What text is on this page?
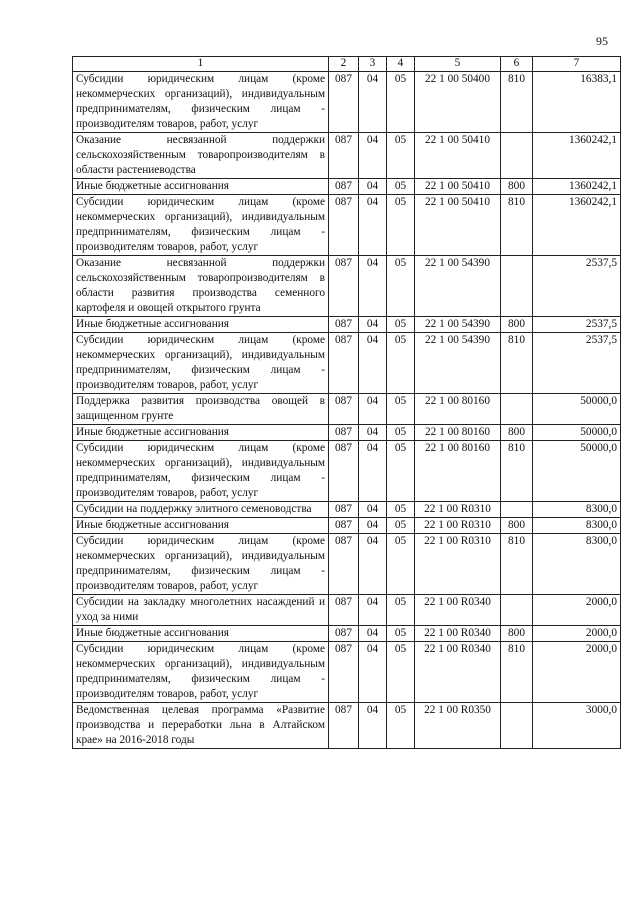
95
1	2	3	4	5	6	7
Субсидии юридическим лицам (кроме некоммерческих организаций), индивидуальным предпринимателям, физическим лицам - производителям товаров, работ, услуг	087	04	05	22 1 00 50400	810	16383,1
Оказание несвязанной поддержки сельскохозяйственным товаропроизводителям в области растениеводства	087	04	05	22 1 00 50410		1360242,1
Иные бюджетные ассигнования	087	04	05	22 1 00 50410	800	1360242,1
Субсидии юридическим лицам (кроме некоммерческих организаций), индивидуальным предпринимателям, физическим лицам - производителям товаров, работ, услуг	087	04	05	22 1 00 50410	810	1360242,1
Оказание несвязанной поддержки сельскохозяйственным товаропроизводителям в области развития производства семенного картофеля и овощей открытого грунта	087	04	05	22 1 00 54390		2537,5
Иные бюджетные ассигнования	087	04	05	22 1 00 54390	800	2537,5
Субсидии юридическим лицам (кроме некоммерческих организаций), индивидуальным предпринимателям, физическим лицам - производителям товаров, работ, услуг	087	04	05	22 1 00 54390	810	2537,5
Поддержка развития производства овощей в защищенном грунте	087	04	05	22 1 00 80160		50000,0
Иные бюджетные ассигнования	087	04	05	22 1 00 80160	800	50000,0
Субсидии юридическим лицам (кроме некоммерческих организаций), индивидуальным предпринимателям, физическим лицам - производителям товаров, работ, услуг	087	04	05	22 1 00 80160	810	50000,0
Субсидии на поддержку элитного семеноводства	087	04	05	22 1 00 R0310		8300,0
Иные бюджетные ассигнования	087	04	05	22 1 00 R0310	800	8300,0
Субсидии юридическим лицам (кроме некоммерческих организаций), индивидуальным предпринимателям, физическим лицам - производителям товаров, работ, услуг	087	04	05	22 1 00 R0310	810	8300,0
Субсидии на закладку многолетних насаждений и уход за ними	087	04	05	22 1 00 R0340		2000,0
Иные бюджетные ассигнования	087	04	05	22 1 00 R0340	800	2000,0
Субсидии юридическим лицам (кроме некоммерческих организаций), индивидуальным предпринимателям, физическим лицам - производителям товаров, работ, услуг	087	04	05	22 1 00 R0340	810	2000,0
Ведомственная целевая программа «Развитие производства и переработки льна в Алтайском крае» на 2016-2018 годы	087	04	05	22 1 00 R0350		3000,0
